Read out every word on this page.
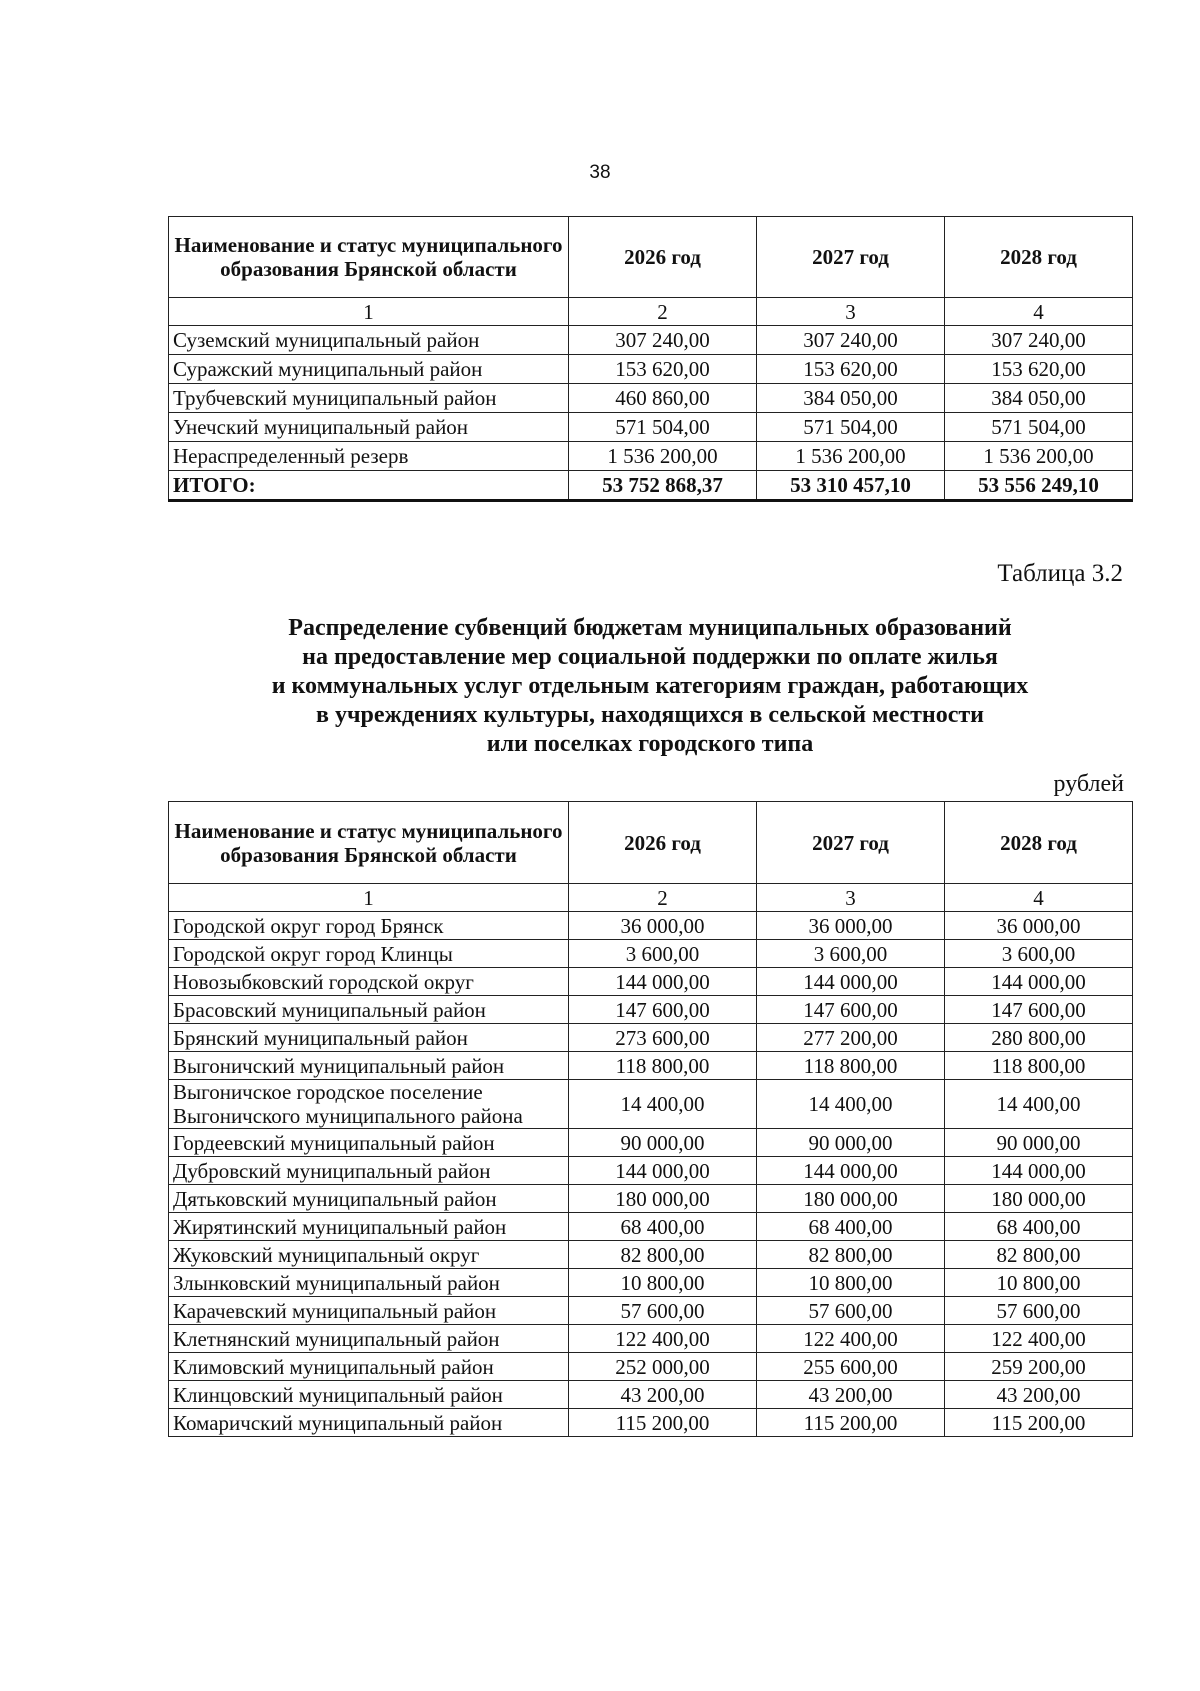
38
Наименование и статус муниципального образования Брянской области	2026 год	2027 год	2028 год
1	2	3	4
Суземский муниципальный район	307 240,00	307 240,00	307 240,00
Суражский муниципальный район	153 620,00	153 620,00	153 620,00
Трубчевский муниципальный район	460 860,00	384 050,00	384 050,00
Унечский муниципальный район	571 504,00	571 504,00	571 504,00
Нераспределенный резерв	1 536 200,00	1 536 200,00	1 536 200,00
ИТОГО:	53 752 868,37	53 310 457,10	53 556 249,10
Таблица 3.2
Распределение субвенций бюджетам муниципальных образований
на предоставление мер социальной поддержки по оплате жилья
и коммунальных услуг отдельным категориям граждан, работающих
в учреждениях культуры, находящихся в сельской местности
или поселках городского типа
рублей
Наименование и статус муниципального образования Брянской области	2026 год	2027 год	2028 год
1	2	3	4
Городской округ город Брянск	36 000,00	36 000,00	36 000,00
Городской округ город Клинцы	3 600,00	3 600,00	3 600,00
Новозыбковский городской округ	144 000,00	144 000,00	144 000,00
Брасовский муниципальный район	147 600,00	147 600,00	147 600,00
Брянский муниципальный район	273 600,00	277 200,00	280 800,00
Выгоничский муниципальный район	118 800,00	118 800,00	118 800,00
Выгоничское городское поселение Выгоничского муниципального района	14 400,00	14 400,00	14 400,00
Гордеевский муниципальный район	90 000,00	90 000,00	90 000,00
Дубровский муниципальный район	144 000,00	144 000,00	144 000,00
Дятьковский муниципальный район	180 000,00	180 000,00	180 000,00
Жирятинский муниципальный район	68 400,00	68 400,00	68 400,00
Жуковский муниципальный округ	82 800,00	82 800,00	82 800,00
Злынковский муниципальный район	10 800,00	10 800,00	10 800,00
Карачевский муниципальный район	57 600,00	57 600,00	57 600,00
Клетнянский муниципальный район	122 400,00	122 400,00	122 400,00
Климовский муниципальный район	252 000,00	255 600,00	259 200,00
Клинцовский муниципальный район	43 200,00	43 200,00	43 200,00
Комаричский муниципальный район	115 200,00	115 200,00	115 200,00
